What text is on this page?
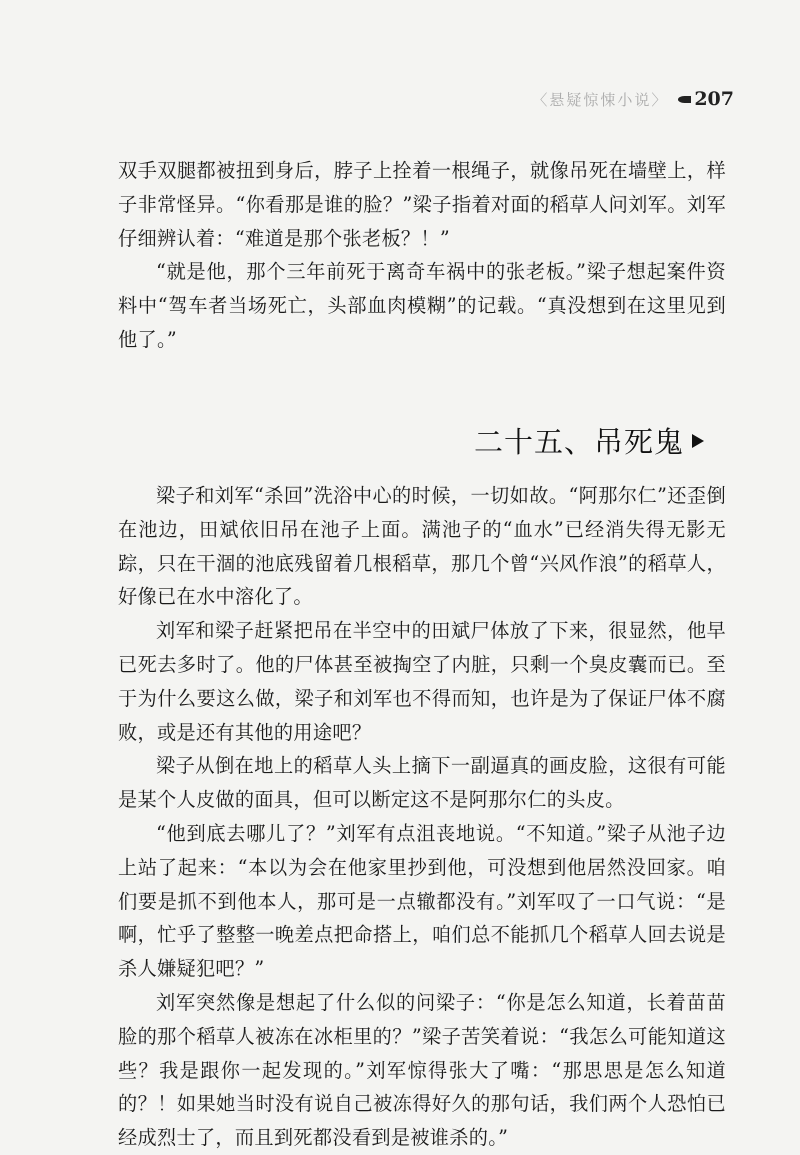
〈悬疑惊悚小说〉 207

双手双腿都被扭到身后，脖子上拴着一根绳子，就像吊死在墙壁上，样子非常怪异。“你看那是谁的脸？”梁子指着对面的稻草人问刘军。刘军仔细辨认着：“难道是那个张老板？！”

“就是他，那个三年前死于离奇车祸中的张老板。”梁子想起案件资料中“驾车者当场死亡，头部血肉模糊”的记载。“真没想到在这里见到他了。”

二十五、吊死鬼

梁子和刘军“杀回”洗浴中心的时候，一切如故。“阿那尔仁”还歪倒在池边，田斌依旧吊在池子上面。满池子的“血水”已经消失得无影无踪，只在干涸的池底残留着几根稻草，那几个曾“兴风作浪”的稻草人，好像已在水中溶化了。

刘军和梁子赶紧把吊在半空中的田斌尸体放了下来，很显然，他早已死去多时了。他的尸体甚至被掏空了内脏，只剩一个臭皮囊而已。至于为什么要这么做，梁子和刘军也不得而知，也许是为了保证尸体不腐败，或是还有其他的用途吧？

梁子从倒在地上的稻草人头上摘下一副逼真的画皮脸，这很有可能是某个人皮做的面具，但可以断定这不是阿那尔仁的头皮。

“他到底去哪儿了？”刘军有点沮丧地说。“不知道。”梁子从池子边上站了起来：“本以为会在他家里抄到他，可没想到他居然没回家。咱们要是抓不到他本人，那可是一点辙都没有。”刘军叹了一口气说：“是啊，忙乎了整整一晚差点把命搭上，咱们总不能抓几个稻草人回去说是杀人嫌疑犯吧？”

刘军突然像是想起了什么似的问梁子：“你是怎么知道，长着苗苗脸的那个稻草人被冻在冰柜里的？”梁子苦笑着说：“我怎么可能知道这些？我是跟你一起发现的。”刘军惊得张大了嘴：“那思思是怎么知道的？！如果她当时没有说自己被冻得好久的那句话，我们两个人恐怕已经成烈士了，而且到死都没看到是被谁杀的。”
